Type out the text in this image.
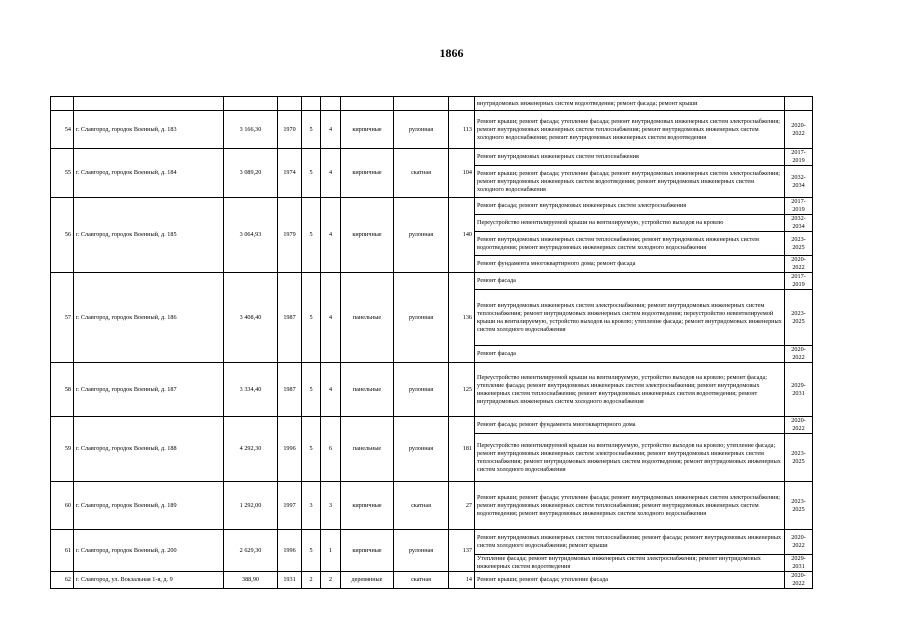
1866
									внутридомовых инженерных систем водоотведения; ремонт фасада; ремонт крыши	
54	г. Славгород, городок Военный, д. 183	3 166,30	1970	5	4	кирпичные	рулонная	113	Ремонт крыши; ремонт фасада; утепление фасада; ремонт внутридомовых инженерных систем электроснабжения; ремонт внутридомовых инженерных систем теплоснабжения; ремонт внутридомовых инженерных систем холодного водоснабжения; ремонт внутридомовых инженерных систем водоотведения	2020-2022
55	г. Славгород, городок Военный, д. 184	3 089,20	1974	5	4	кирпичные	скатная	104	Ремонт внутридомовых инженерных систем теплоснабжения	2017-2019
									Ремонт крыши; ремонт фасада; утепление фасада; ремонт внутридомовых инженерных систем электроснабжения; ремонт внутридомовых инженерных систем водоотведения; ремонт внутридомовых инженерных систем холодного водоснабжения	2032-2034
56	г. Славгород, городок Военный, д. 185	3 064,93	1979	5	4	кирпичные	рулонная	140	Ремонт фасада; ремонт внутридомовых инженерных систем электроснабжения	2017-2019
									Переустройство невентилируемой крыши на вентилируемую, устройство выходов на кровлю	2032-2034
									Ремонт внутридомовых инженерных систем теплоснабжения; ремонт внутридомовых инженерных систем водоотведения; ремонт внутридомовых инженерных систем холодного водоснабжения	2023-2025
									Ремонт фундамента многоквартирного дома; ремонт фасада	2020-2022
57	г. Славгород, городок Военный, д. 186	3 408,40	1987	5	4	панельные	рулонная	136	Ремонт фасада	2017-2019
									Ремонт внутридомовых инженерных систем электроснабжения; ремонт внутридомовых инженерных систем теплоснабжения; ремонт внутридомовых инженерных систем водоотведения; переустройство невентилируемой крыши на вентилируемую, устройство выходов на кровлю; утепление фасада; ремонт внутридомовых инженерных систем холодного водоснабжения	2023-2025
									Ремонт фасада	2020-2022
58	г. Славгород, городок Военный, д. 187	3 334,40	1987	5	4	панельные	рулонная	125	Переустройство невентилируемой крыши на вентилируемую, устройство выходов на кровлю; ремонт фасада; утепление фасада; ремонт внутридомовых инженерных систем электроснабжения; ремонт внутридомовых инженерных систем теплоснабжения; ремонт внутридомовых инженерных систем водоотведения; ремонт внутридомовых инженерных систем холодного водоснабжения	2029-2031
59	г. Славгород, городок Военный, д. 188	4 292,30	1996	5	6	панельные	рулонная	181	Ремонт фасада; ремонт фундамента многоквартирного дома	2020-2022
									Переустройство невентилируемой крыши на вентилируемую, устройство выходов на кровлю; утепление фасада; ремонт внутридомовых инженерных систем электроснабжения; ремонт внутридомовых инженерных систем теплоснабжения; ремонт внутридомовых инженерных систем водоотведения; ремонт внутридомовых инженерных систем холодного водоснабжения	2023-2025
60	г. Славгород, городок Военный, д. 189	1 292,00	1997	3	3	кирпичные	скатная	27	Ремонт крыши; ремонт фасада; утепление фасада; ремонт внутридомовых инженерных систем электроснабжения; ремонт внутридомовых инженерных систем теплоснабжения; ремонт внутридомовых инженерных систем водоотведения; ремонт внутридомовых инженерных систем холодного водоснабжения	2023-2025
61	г. Славгород, городок Военный, д. 200	2 629,30	1996	5	1	кирпичные	рулонная	137	Ремонт внутридомовых инженерных систем теплоснабжения; ремонт фасада; ремонт внутридомовых инженерных систем холодного водоснабжения; ремонт крыши	2020-2022
									Утепление фасада; ремонт внутридомовых инженерных систем электроснабжения; ремонт внутридомовых инженерных систем водоотведения	2029-2031
62	г. Славгород, ул. Вокзальная 1-я, д. 9	388,90	1931	2	2	деревянные	скатная	14	Ремонт крыши; ремонт фасада; утепление фасада	2020-2022
